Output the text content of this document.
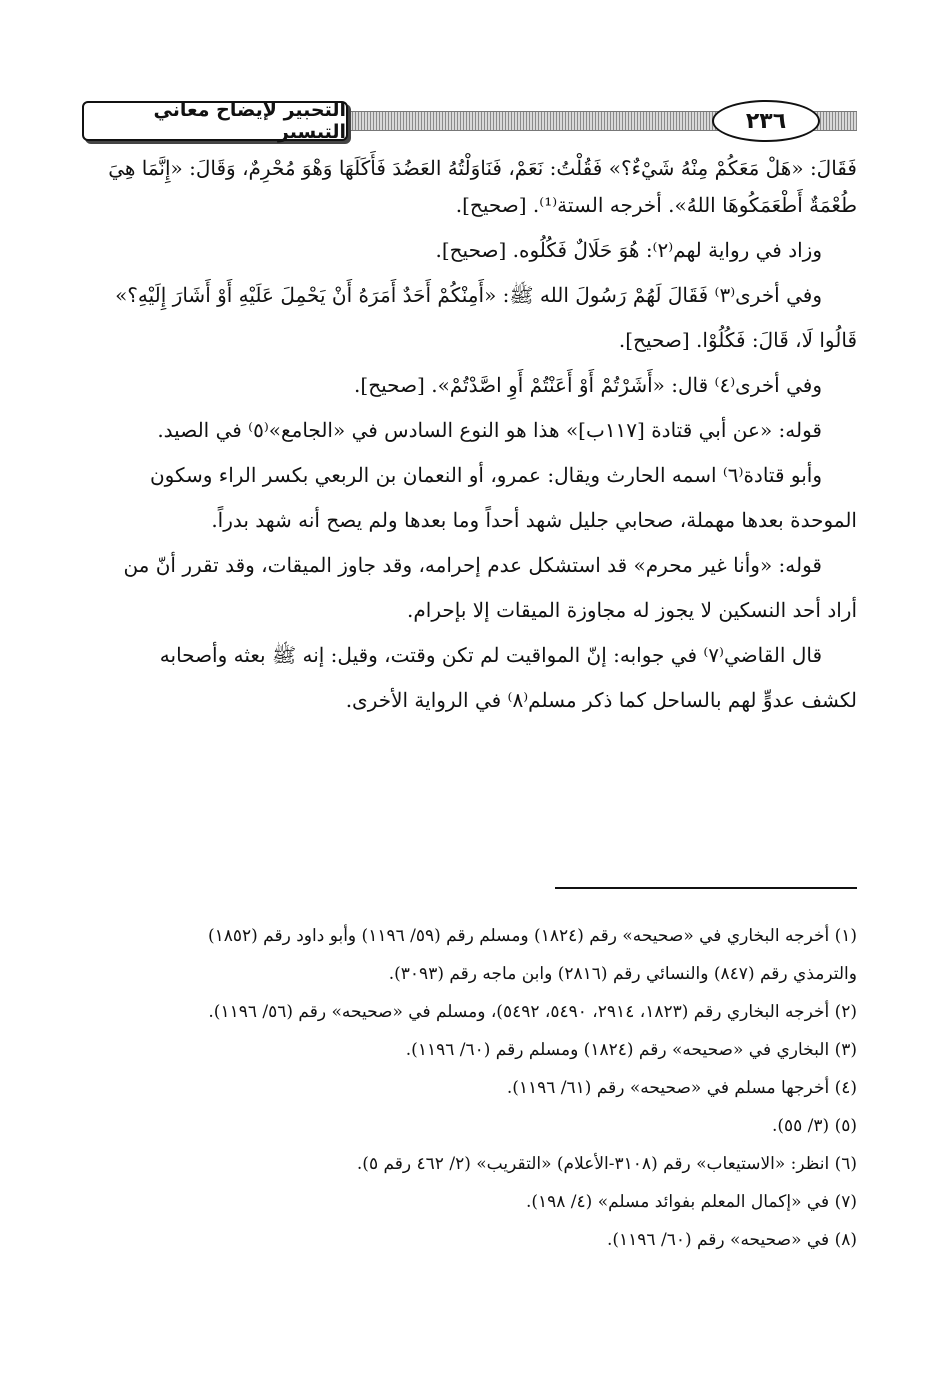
التحبير لإيضاح معاني التيسير	٢٣٦

فَقَالَ: «هَلْ مَعَكُمْ مِنْهُ شَيْءٌ؟» فَقُلْتُ: نَعَمْ، فَنَاوَلْتُهُ العَضُدَ فَأَكَلَهَا وَهْوَ مُحْرِمٌ، وَقَالَ: «إِنَّمَا هِيَ

طُعْمَةٌ أَطْعَمَكُوهَا اللهُ». أخرجه الستة⁽¹⁾. [صحيح].

وزاد في رواية لهم⁽٢⁾: هُوَ حَلَالٌ فَكُلُوه. [صحيح].

وفي أخرى⁽٣⁾ فَقَالَ لَهُمْ رَسُولَ الله ﷺ: «أَمِنْكُمْ أَحَدٌ أَمَرَهُ أَنْ يَحْمِلَ عَلَيْهِ أَوْ أَشَارَ إِلَيْهِ؟»

قَالُوا لَا، قَالَ: فَكُلُوْا. [صحيح].

وفي أخرى⁽٤⁾ قال: «أَشَرْتُمْ أَوْ أَعَنْتُمْ أَوِ اصَّدْتُمْ». [صحيح].

قوله: «عن أبي قتادة [١١٧ب]» هذا هو النوع السادس في «الجامع»⁽٥⁾ في الصيد.

وأبو قتادة⁽٦⁾ اسمه الحارث ويقال: عمرو، أو النعمان بن الربعي بكسر الراء وسكون

الموحدة بعدها مهملة، صحابي جليل شهد أحداً وما بعدها ولم يصح أنه شهد بدراً.

قوله: «وأنا غير محرم» قد استشكل عدم إحرامه، وقد جاوز الميقات، وقد تقرر أنّ من

أراد أحد النسكين لا يجوز له مجاوزة الميقات إلا بإحرام.

قال القاضي⁽٧⁾ في جوابه: إنّ المواقيت لم تكن وقتت، وقيل: إنه ﷺ بعثه وأصحابه

لكشف عدوٍّ لهم بالساحل كما ذكر مسلم⁽٨⁾ في الرواية الأخرى.

(١) أخرجه البخاري في «صحيحه» رقم (١٨٢٤) ومسلم رقم (٥٩/ ١١٩٦) وأبو داود رقم (١٨٥٢)

والترمذي رقم (٨٤٧) والنسائي رقم (٢٨١٦) وابن ماجه رقم (٣٠٩٣).

(٢) أخرجه البخاري رقم (١٨٢٣، ٢٩١٤، ٥٤٩٠، ٥٤٩٢)، ومسلم في «صحيحه» رقم (٥٦/ ١١٩٦).

(٣) البخاري في «صحيحه» رقم (١٨٢٤) ومسلم رقم (٦٠/ ١١٩٦).

(٤) أخرجها مسلم في «صحيحه» رقم (٦١/ ١١٩٦).

(٥) (٣/ ٥٥).

(٦) انظر: «الاستيعاب» رقم (٣١٠٨-الأعلام) «التقريب» (٢/ ٤٦٢ رقم ٥).

(٧) في «إكمال المعلم بفوائد مسلم» (٤/ ١٩٨).

(٨) في «صحيحه» رقم (٦٠/ ١١٩٦).
